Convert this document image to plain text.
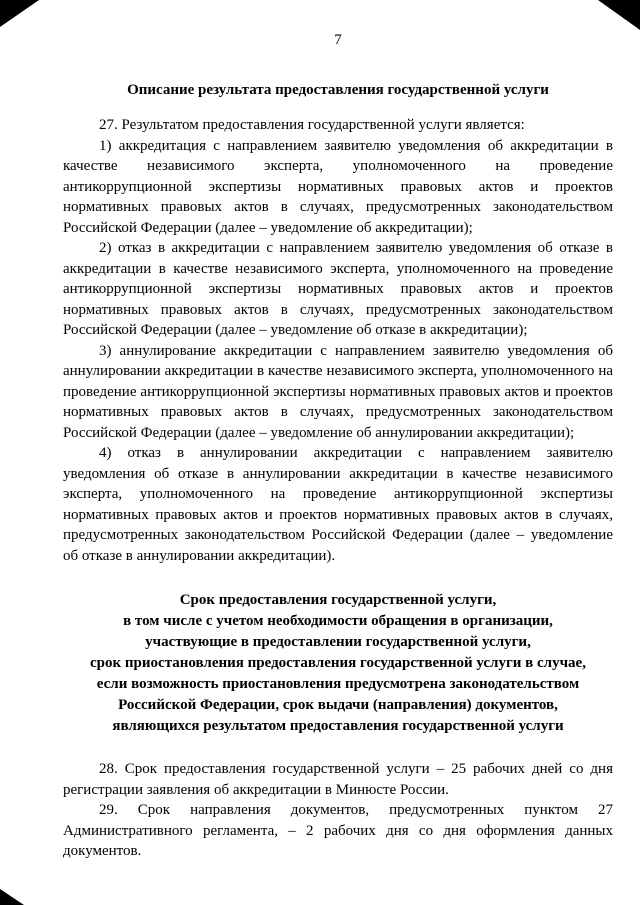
7
Описание результата предоставления государственной услуги

27. Результатом предоставления государственной услуги является:

1) аккредитация с направлением заявителю уведомления об аккредитации в качестве независимого эксперта, уполномоченного на проведение антикоррупционной экспертизы нормативных правовых актов и проектов нормативных правовых актов в случаях, предусмотренных законодательством Российской Федерации (далее – уведомление об аккредитации);

2) отказ в аккредитации с направлением заявителю уведомления об отказе в аккредитации в качестве независимого эксперта, уполномоченного на проведение антикоррупционной экспертизы нормативных правовых актов и проектов нормативных правовых актов в случаях, предусмотренных законодательством Российской Федерации (далее – уведомление об отказе в аккредитации);

3) аннулирование аккредитации с направлением заявителю уведомления об аннулировании аккредитации в качестве независимого эксперта, уполномоченного на проведение антикоррупционной экспертизы нормативных правовых актов и проектов нормативных правовых актов в случаях, предусмотренных законодательством Российской Федерации (далее – уведомление об аннулировании аккредитации);

4) отказ в аннулировании аккредитации с направлением заявителю уведомления об отказе в аннулировании аккредитации в качестве независимого эксперта, уполномоченного на проведение антикоррупционной экспертизы нормативных правовых актов и проектов нормативных правовых актов в случаях, предусмотренных законодательством Российской Федерации (далее – уведомление об отказе в аннулировании аккредитации).

Срок предоставления государственной услуги,
в том числе с учетом необходимости обращения в организации,
участвующие в предоставлении государственной услуги,
срок приостановления предоставления государственной услуги в случае,
если возможность приостановления предусмотрена законодательством
Российской Федерации, срок выдачи (направления) документов,
являющихся результатом предоставления государственной услуги

28. Срок предоставления государственной услуги – 25 рабочих дней со дня регистрации заявления об аккредитации в Минюсте России.

29. Срок направления документов, предусмотренных пунктом 27 Административного регламента, – 2 рабочих дня со дня оформления данных документов.
